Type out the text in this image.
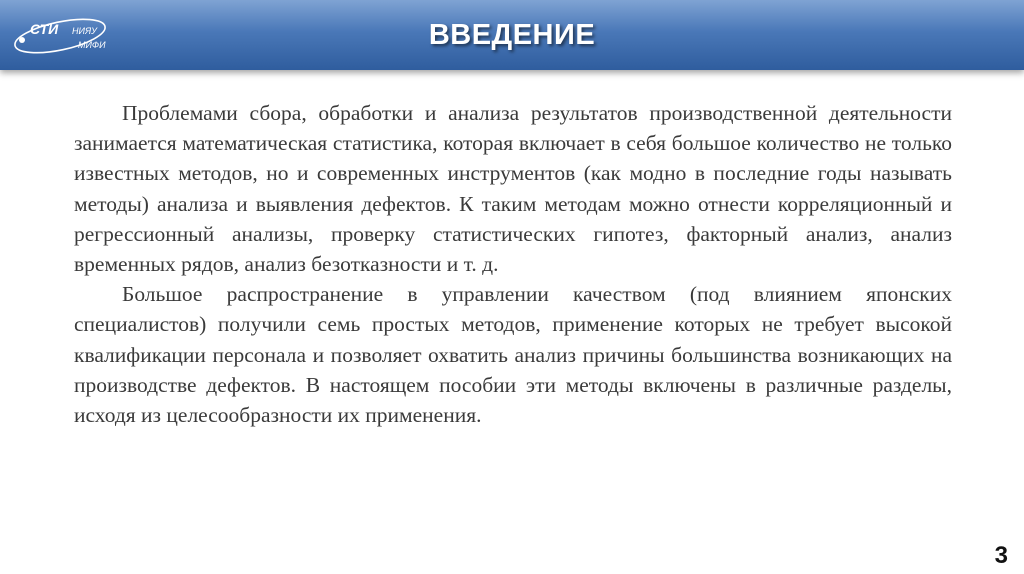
СТИ НИЯУ
МИФИ	ВВЕДЕНИЕ

Проблемами сбора, обработки и анализа результатов производственной деятельности занимается математическая статистика, которая включает в себя большое количество не только известных методов, но и современных инструментов (как модно в последние годы называть методы) анализа и выявления дефектов. К таким методам можно отнести корреляционный и регрессионный анализы, проверку статистических гипотез, факторный анализ, анализ временных рядов, анализ безотказности и т. д.

Большое распространение в управлении качеством (под влиянием японских специалистов) получили семь простых методов, применение которых не требует высокой квалификации персонала и позволяет охватить анализ причины большинства возникающих на производстве дефектов. В настоящем пособии эти методы включены в различные разделы, исходя из целесообразности их применения.

3
